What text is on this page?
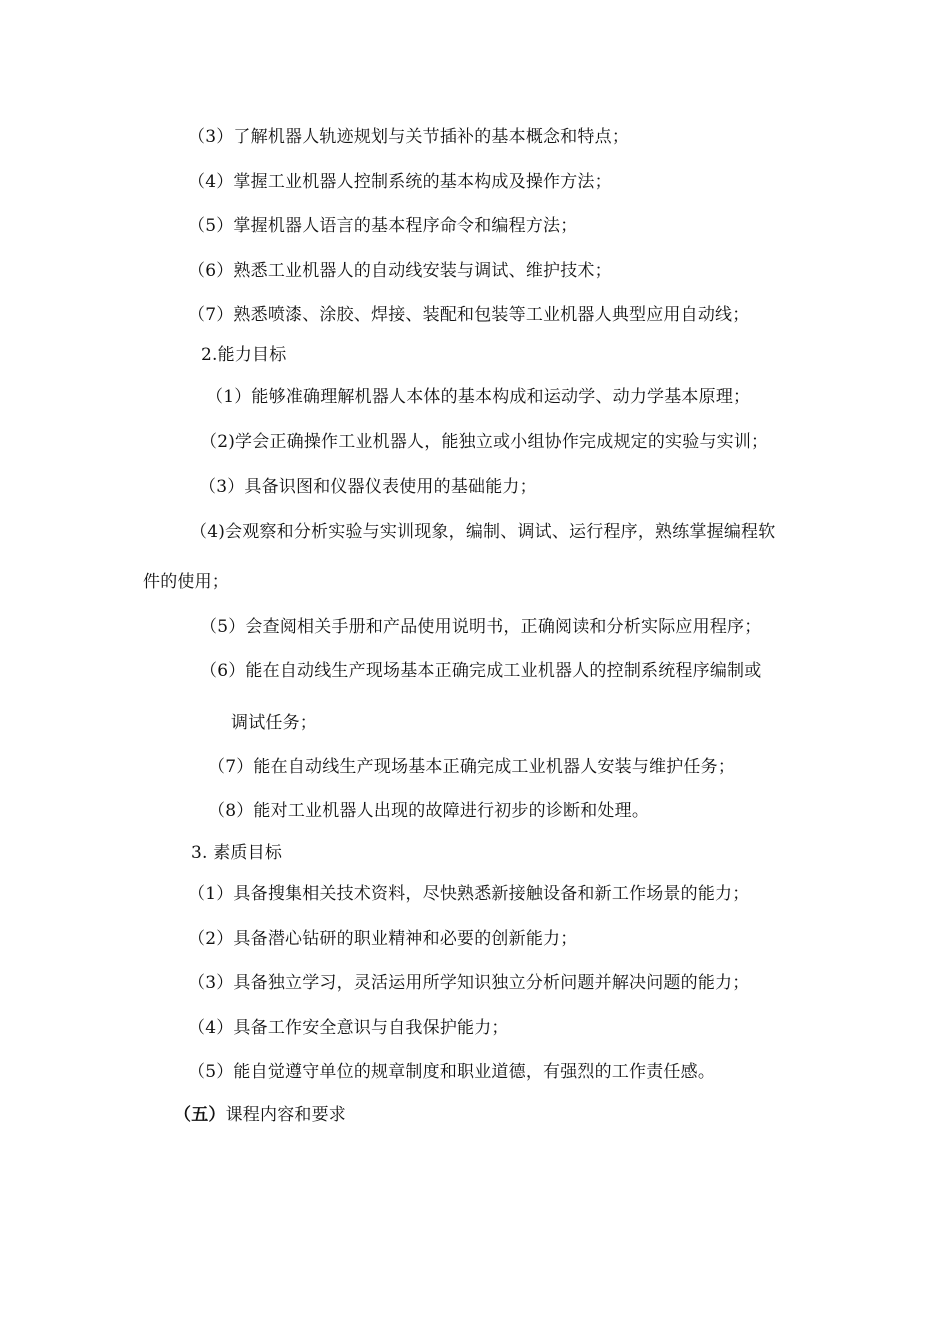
（3）了解机器人轨迹规划与关节插补的基本概念和特点；
（4）掌握工业机器人控制系统的基本构成及操作方法；
（5）掌握机器人语言的基本程序命令和编程方法；
（6）熟悉工业机器人的自动线安装与调试、维护技术；
（7）熟悉喷漆、涂胶、焊接、装配和包装等工业机器人典型应用自动线；
2.能力目标
（1）能够准确理解机器人本体的基本构成和运动学、动力学基本原理；
（2)学会正确操作工业机器人，能独立或小组协作完成规定的实验与实训；
（3）具备识图和仪器仪表使用的基础能力；
（4)会观察和分析实验与实训现象，编制、调试、运行程序，熟练掌握编程软
件的使用；
（5）会查阅相关手册和产品使用说明书，正确阅读和分析实际应用程序；
（6）能在自动线生产现场基本正确完成工业机器人的控制系统程序编制或
调试任务；
（7）能在自动线生产现场基本正确完成工业机器人安装与维护任务；
（8）能对工业机器人出现的故障进行初步的诊断和处理。
3. 素质目标
（1）具备搜集相关技术资料，尽快熟悉新接触设备和新工作场景的能力；
（2）具备潜心钻研的职业精神和必要的创新能力；
（3）具备独立学习，灵活运用所学知识独立分析问题并解决问题的能力；
（4）具备工作安全意识与自我保护能力；
（5）能自觉遵守单位的规章制度和职业道德，有强烈的工作责任感。
（五）课程内容和要求
